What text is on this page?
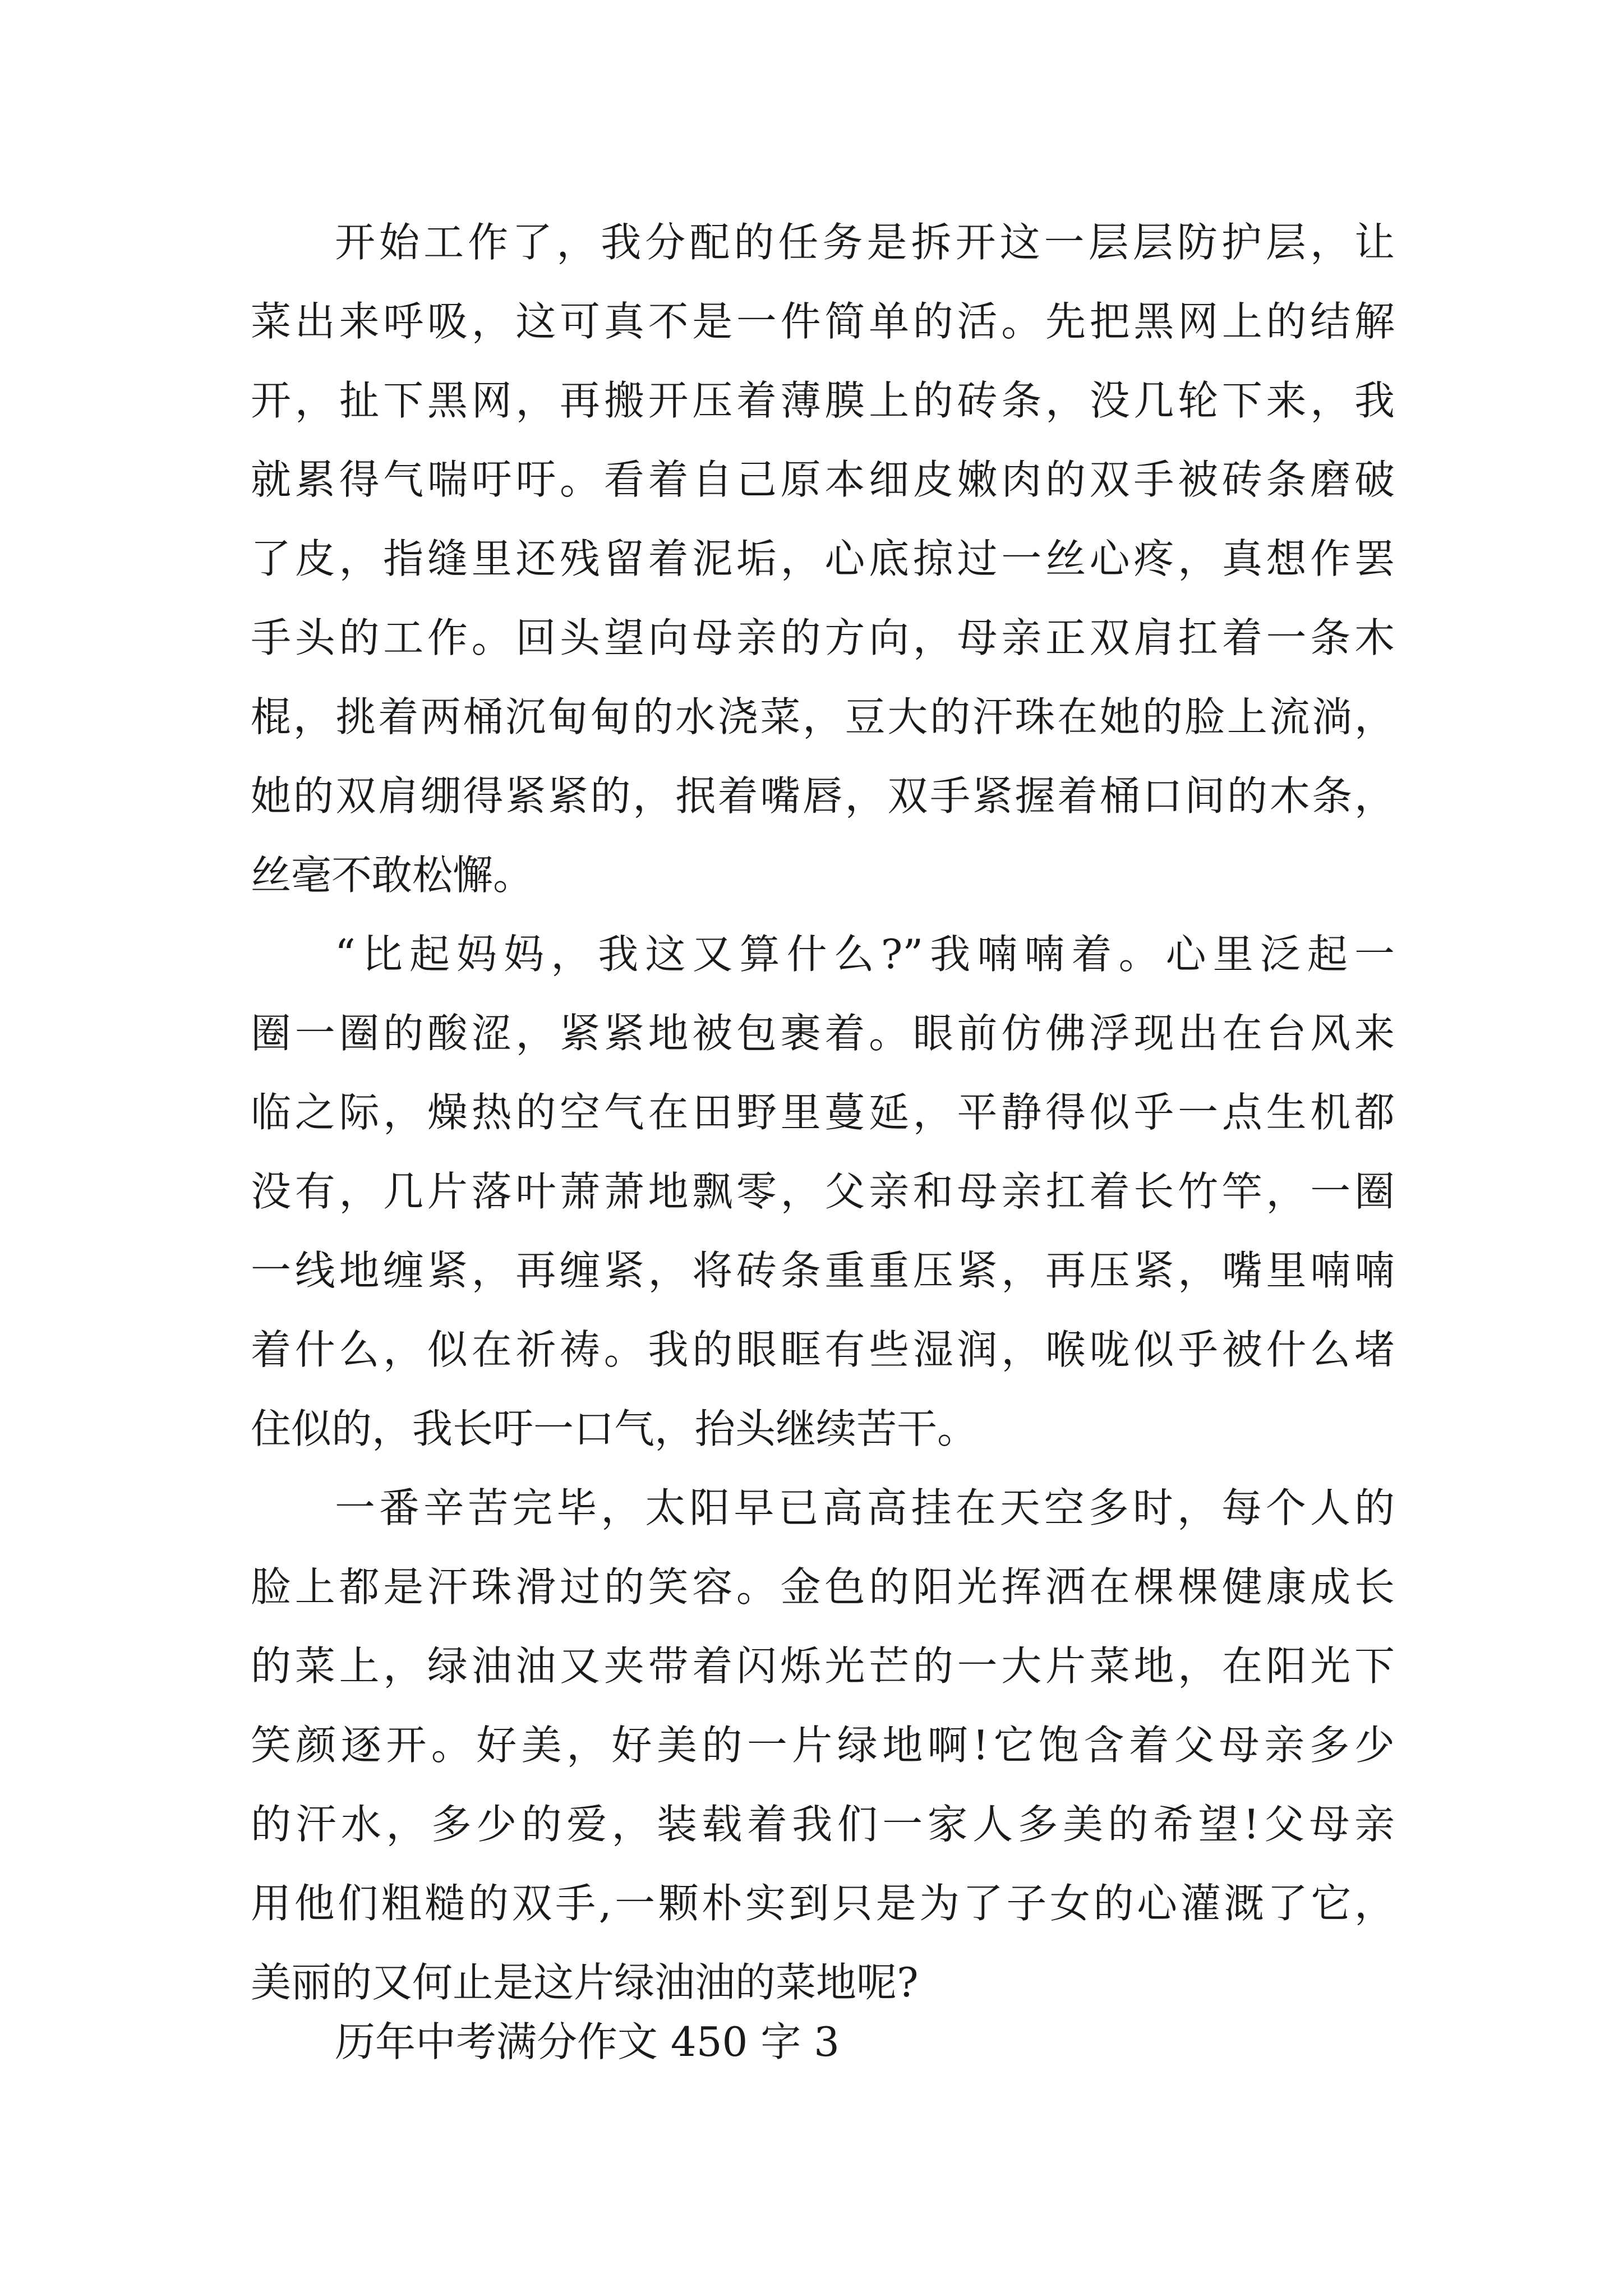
开始工作了，我分配的任务是拆开这一层层防护层，让
菜出来呼吸，这可真不是一件简单的活。先把黑网上的结解
开，扯下黑网，再搬开压着薄膜上的砖条，没几轮下来，我
就累得气喘吁吁。看着自己原本细皮嫩肉的双手被砖条磨破
了皮，指缝里还残留着泥垢，心底掠过一丝心疼，真想作罢
手头的工作。回头望向母亲的方向，母亲正双肩扛着一条木
棍，挑着两桶沉甸甸的水浇菜，豆大的汗珠在她的脸上流淌，
她的双肩绷得紧紧的，抿着嘴唇，双手紧握着桶口间的木条，
丝毫不敢松懈。
“比起妈妈，我这又算什么?”我喃喃着。心里泛起一
圈一圈的酸涩，紧紧地被包裹着。眼前仿佛浮现出在台风来
临之际，燥热的空气在田野里蔓延，平静得似乎一点生机都
没有，几片落叶萧萧地飘零，父亲和母亲扛着长竹竿，一圈
一线地缠紧，再缠紧，将砖条重重压紧，再压紧，嘴里喃喃
着什么，似在祈祷。我的眼眶有些湿润，喉咙似乎被什么堵
住似的，我长吁一口气，抬头继续苦干。
一番辛苦完毕，太阳早已高高挂在天空多时，每个人的
脸上都是汗珠滑过的笑容。金色的阳光挥洒在棵棵健康成长
的菜上，绿油油又夹带着闪烁光芒的一大片菜地，在阳光下
笑颜逐开。好美，好美的一片绿地啊!它饱含着父母亲多少
的汗水，多少的爱，装载着我们一家人多美的希望!父母亲
用他们粗糙的双手,一颗朴实到只是为了子女的心灌溉了它，
美丽的又何止是这片绿油油的菜地呢?
历年中考满分作文 450 字 3
